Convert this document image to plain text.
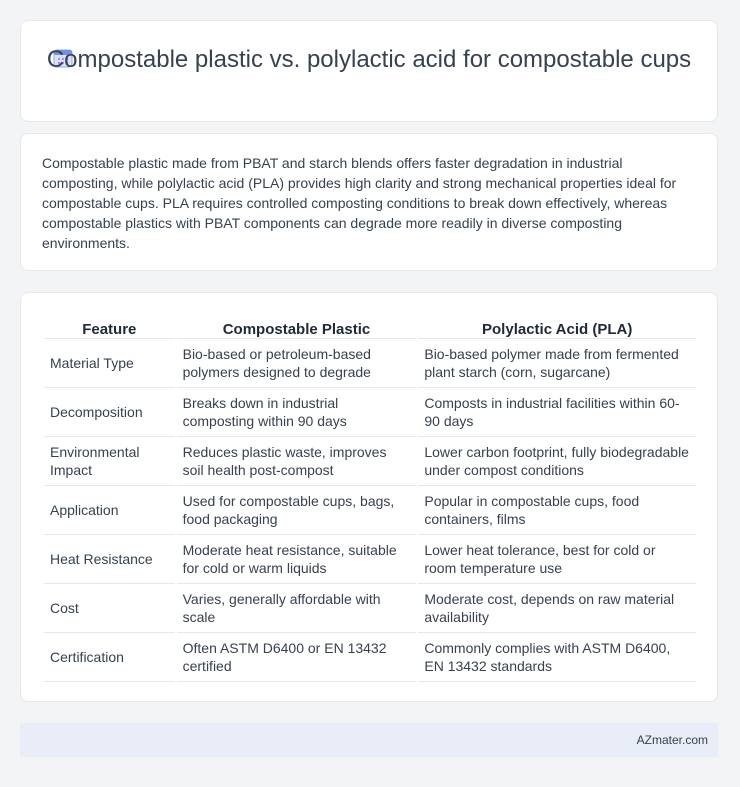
Compostable plastic vs. polylactic acid for compostable cups

Compostable plastic made from PBAT and starch blends offers faster degradation in industrial composting, while polylactic acid (PLA) provides high clarity and strong mechanical properties ideal for compostable cups. PLA requires controlled composting conditions to break down effectively, whereas compostable plastics with PBAT components can degrade more readily in diverse composting environments.

Feature	Compostable Plastic	Polylactic Acid (PLA)
Material Type	Bio-based or petroleum-based polymers designed to degrade	Bio-based polymer made from fermented plant starch (corn, sugarcane)
Decomposition	Breaks down in industrial composting within 90 days	Composts in industrial facilities within 60-90 days
Environmental Impact	Reduces plastic waste, improves soil health post-compost	Lower carbon footprint, fully biodegradable under compost conditions
Application	Used for compostable cups, bags, food packaging	Popular in compostable cups, food containers, films
Heat Resistance	Moderate heat resistance, suitable for cold or warm liquids	Lower heat tolerance, best for cold or room temperature use
Cost	Varies, generally affordable with scale	Moderate cost, depends on raw material availability
Certification	Often ASTM D6400 or EN 13432 certified	Commonly complies with ASTM D6400, EN 13432 standards
AZmater.com
